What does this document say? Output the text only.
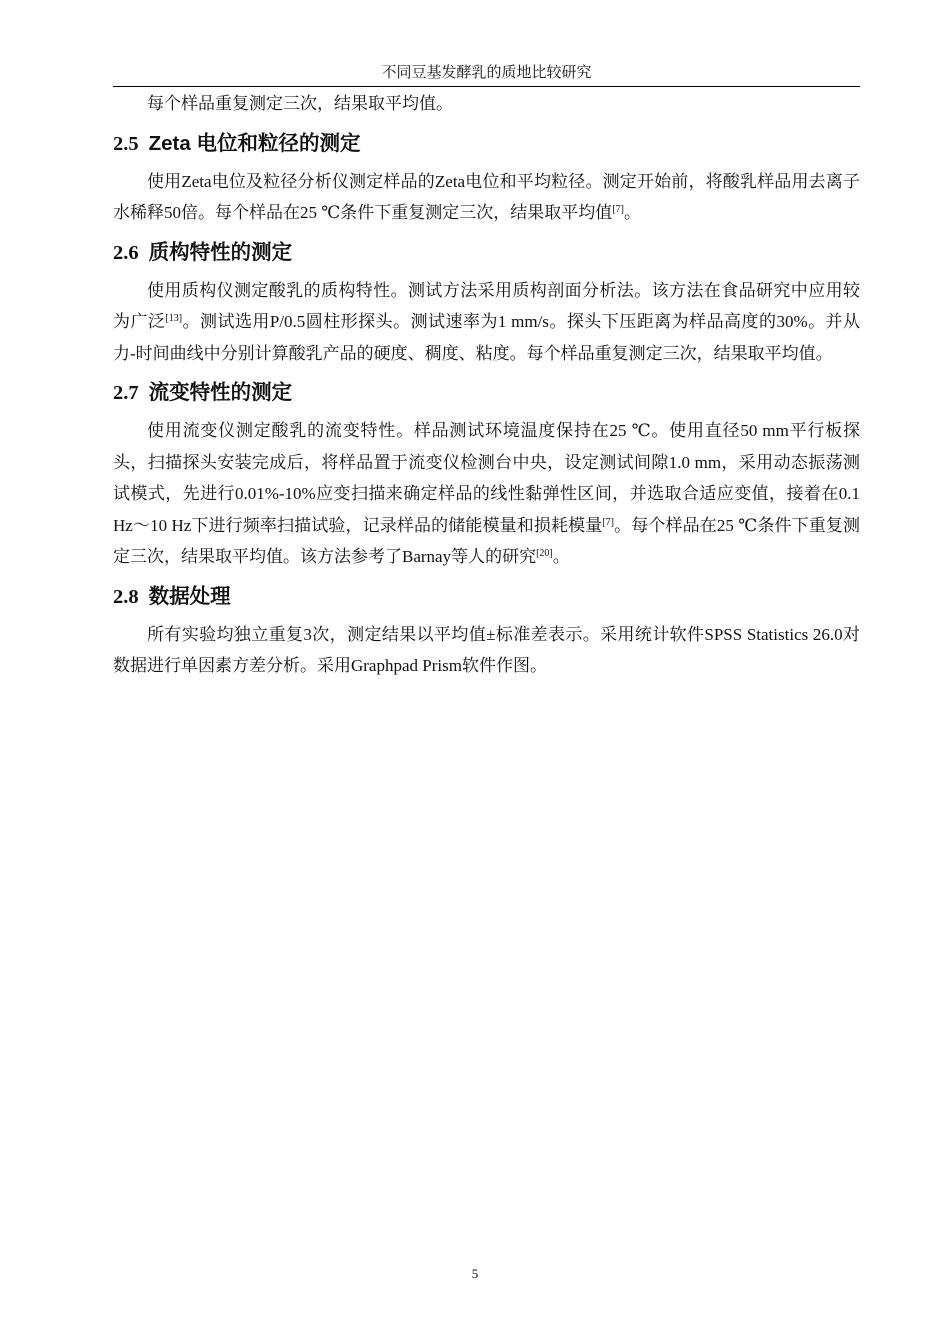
不同豆基发酵乳的质地比较研究

每个样品重复测定三次，结果取平均值。

2.5 Zeta 电位和粒径的测定

使用Zeta电位及粒径分析仪测定样品的Zeta电位和平均粒径。测定开始前，将酸乳样品用去离子水稀释50倍。每个样品在25 ℃条件下重复测定三次，结果取平均值[7]。

2.6 质构特性的测定

使用质构仪测定酸乳的质构特性。测试方法采用质构剖面分析法。该方法在食品研究中应用较为广泛[13]。测试选用P/0.5圆柱形探头。测试速率为1 mm/s。探头下压距离为样品高度的30%。并从力-时间曲线中分别计算酸乳产品的硬度、稠度、粘度。每个样品重复测定三次，结果取平均值。

2.7 流变特性的测定

使用流变仪测定酸乳的流变特性。样品测试环境温度保持在25 ℃。使用直径50 mm平行板探头，扫描探头安装完成后，将样品置于流变仪检测台中央，设定测试间隙1.0 mm，采用动态振荡测试模式，先进行0.01%-10%应变扫描来确定样品的线性黏弹性区间，并选取合适应变值，接着在0.1 Hz～10 Hz下进行频率扫描试验，记录样品的储能模量和损耗模量[7]。每个样品在25 ℃条件下重复测定三次，结果取平均值。该方法参考了Barnay等人的研究[20]。

2.8 数据处理

所有实验均独立重复3次，测定结果以平均值±标准差表示。采用统计软件SPSS Statistics 26.0对数据进行单因素方差分析。采用Graphpad Prism软件作图。

5
